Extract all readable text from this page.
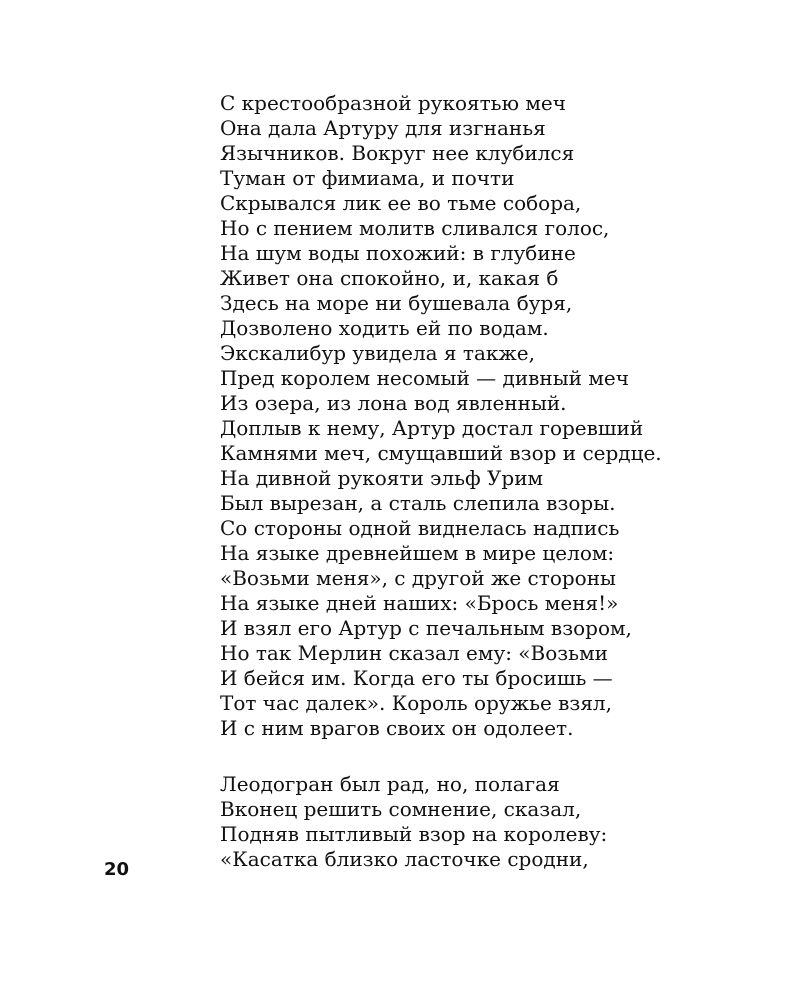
С крестообразной рукоятью меч
Она дала Артуру для изгнанья
Язычников. Вокруг нее клубился
Туман от фимиама, и почти
Скрывался лик ее во тьме собора,
Но с пением молитв сливался голос,
На шум воды похожий: в глубине
Живет она спокойно, и, какая б
Здесь на море ни бушевала буря,
Дозволено ходить ей по водам.
Экскалибур увидела я также,
Пред королем несомый — дивный меч
Из озера, из лона вод явленный.
Доплыв к нему, Артур достал горевший
Камнями меч, смущавший взор и сердце.
На дивной рукояти эльф Урим
Был вырезан, а сталь слепила взоры.
Со стороны одной виднелась надпись
На языке древнейшем в мире целом:
«Возьми меня», с другой же стороны
На языке дней наших: «Брось меня!»
И взял его Артур с печальным взором,
Но так Мерлин сказал ему: «Возьми
И бейся им. Когда его ты бросишь —
Тот час далек». Король оружье взял,
И с ним врагов своих он одолеет.
Леодогран был рад, но, полагая
Вконец решить сомнение, сказал,
Подняв пытливый взор на королеву:
«Касатка близко ласточке сродни,
20
